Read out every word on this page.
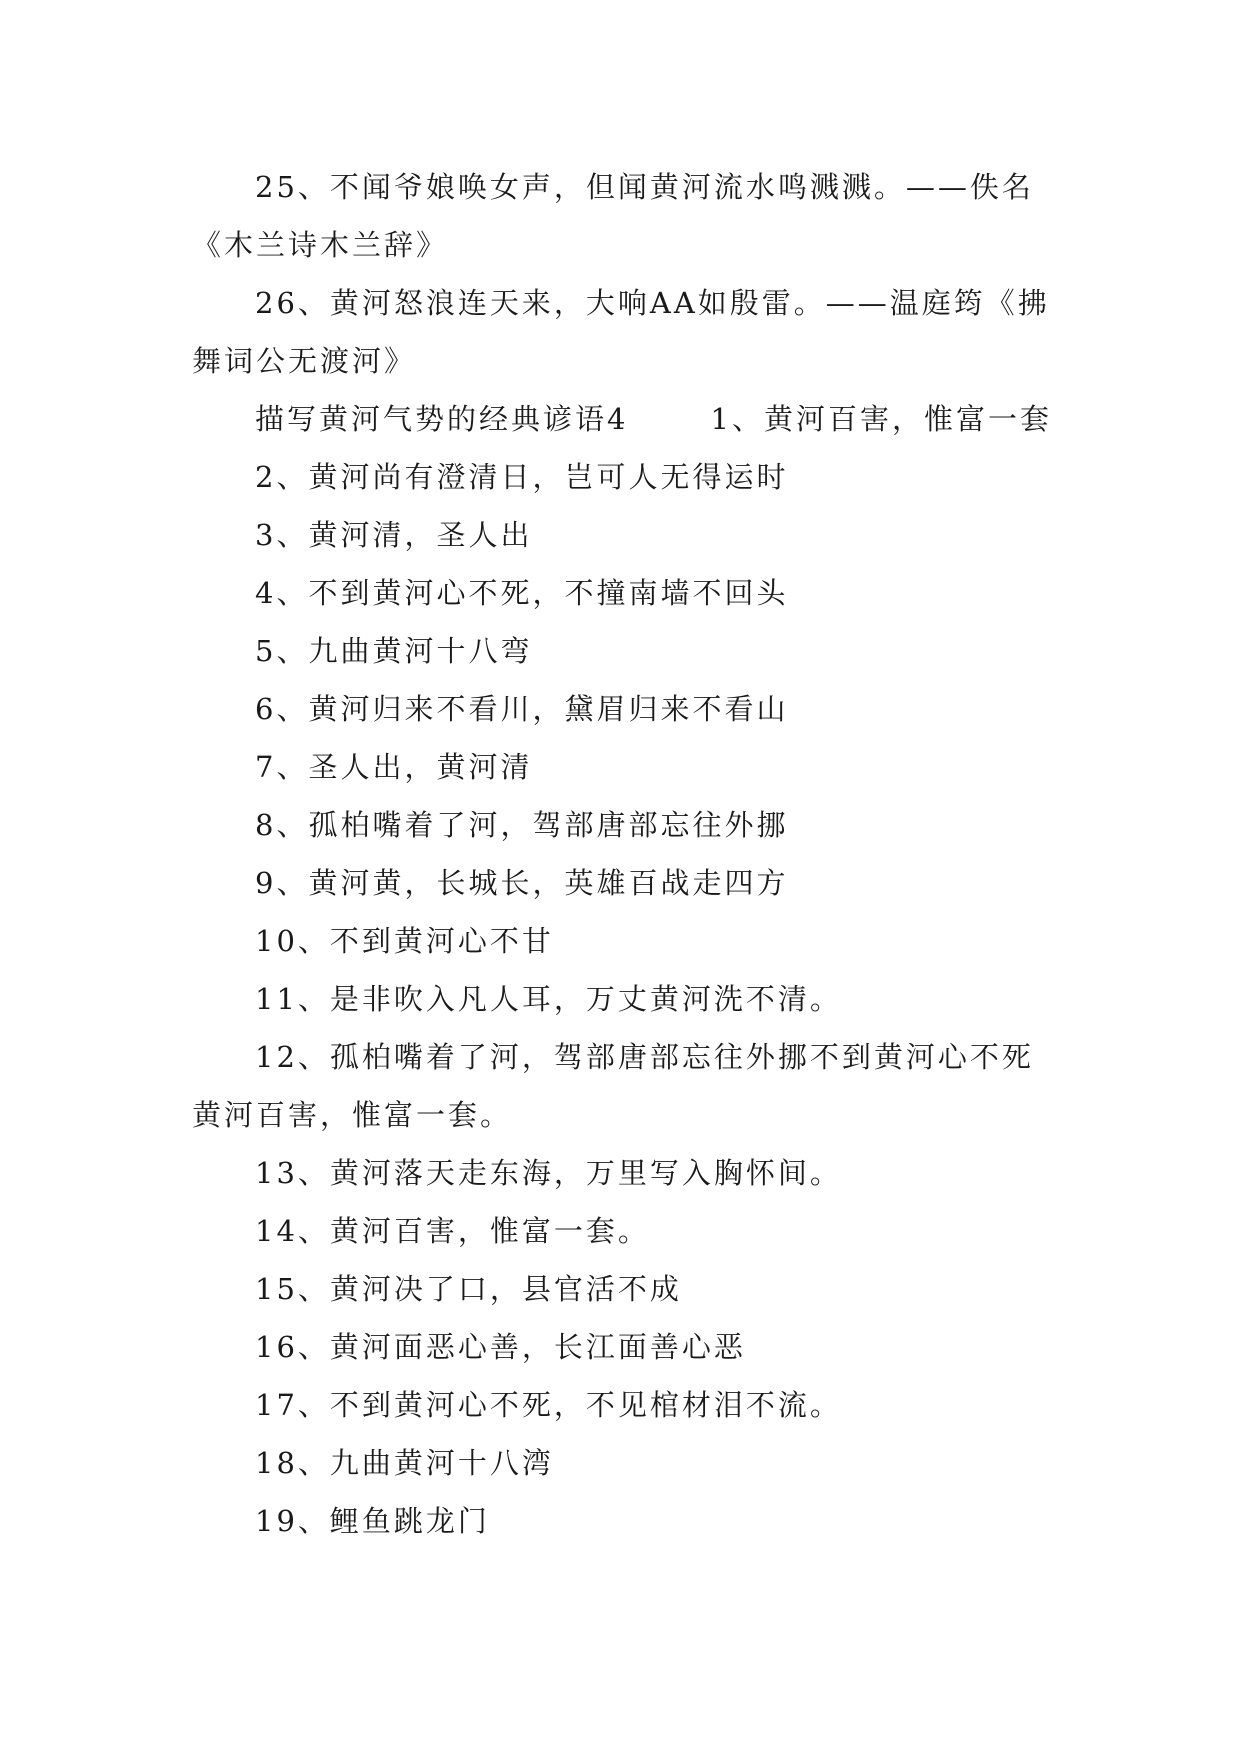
25、不闻爷娘唤女声，但闻黄河流水鸣溅溅。——佚名《木兰诗木兰辞》

26、黄河怒浪连天来，大响AA如殷雷。——温庭筠《拂舞词公无渡河》

描写黄河气势的经典谚语4	1、黄河百害，惟富一套

2、黄河尚有澄清日，岂可人无得运时

3、黄河清，圣人出

4、不到黄河心不死，不撞南墙不回头

5、九曲黄河十八弯

6、黄河归来不看川，黛眉归来不看山

7、圣人出，黄河清

8、孤柏嘴着了河，驾部唐部忘往外挪

9、黄河黄，长城长，英雄百战走四方

10、不到黄河心不甘

11、是非吹入凡人耳，万丈黄河洗不清。

12、孤柏嘴着了河，驾部唐部忘往外挪不到黄河心不死黄河百害，惟富一套。

13、黄河落天走东海，万里写入胸怀间。

14、黄河百害，惟富一套。

15、黄河决了口，县官活不成

16、黄河面恶心善，长江面善心恶

17、不到黄河心不死，不见棺材泪不流。

18、九曲黄河十八湾

19、鲤鱼跳龙门
